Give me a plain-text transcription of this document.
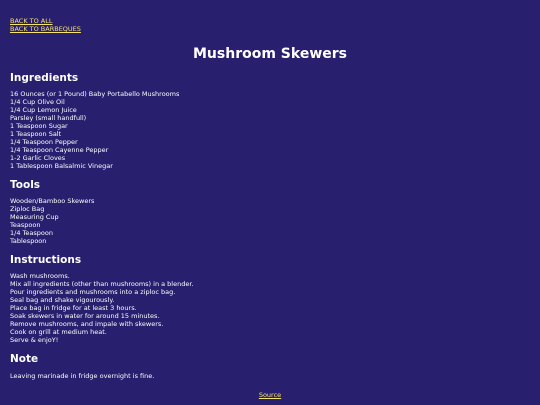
BACK TO ALL
BACK TO BARBEQUES
Mushroom Skewers
Ingredients
16 Ounces (or 1 Pound) Baby Portabello Mushrooms
1/4 Cup Olive Oil
1/4 Cup Lemon Juice
Parsley (small handfull)
1 Teaspoon Sugar
1 Teaspoon Salt
1/4 Teaspoon Pepper
1/4 Teaspoon Cayenne Pepper
1-2 Garlic Cloves
1 Tablespoon Balsalmic Vinegar
Tools
Wooden/Bamboo Skewers
Ziploc Bag
Measuring Cup
Teaspoon
1/4 Teaspoon
Tablespoon
Instructions
Wash mushrooms.
Mix all ingredients (other than mushrooms) in a blender.
Pour ingredients and mushrooms into a ziploc bag.
Seal bag and shake vigourously.
Place bag in fridge for at least 3 hours.
Soak skewers in water for around 15 minutes.
Remove mushrooms, and impale with skewers.
Cook on grill at medium heat.
Serve & enjoY!
Note
Leaving marinade in fridge overnight is fine.
Source
